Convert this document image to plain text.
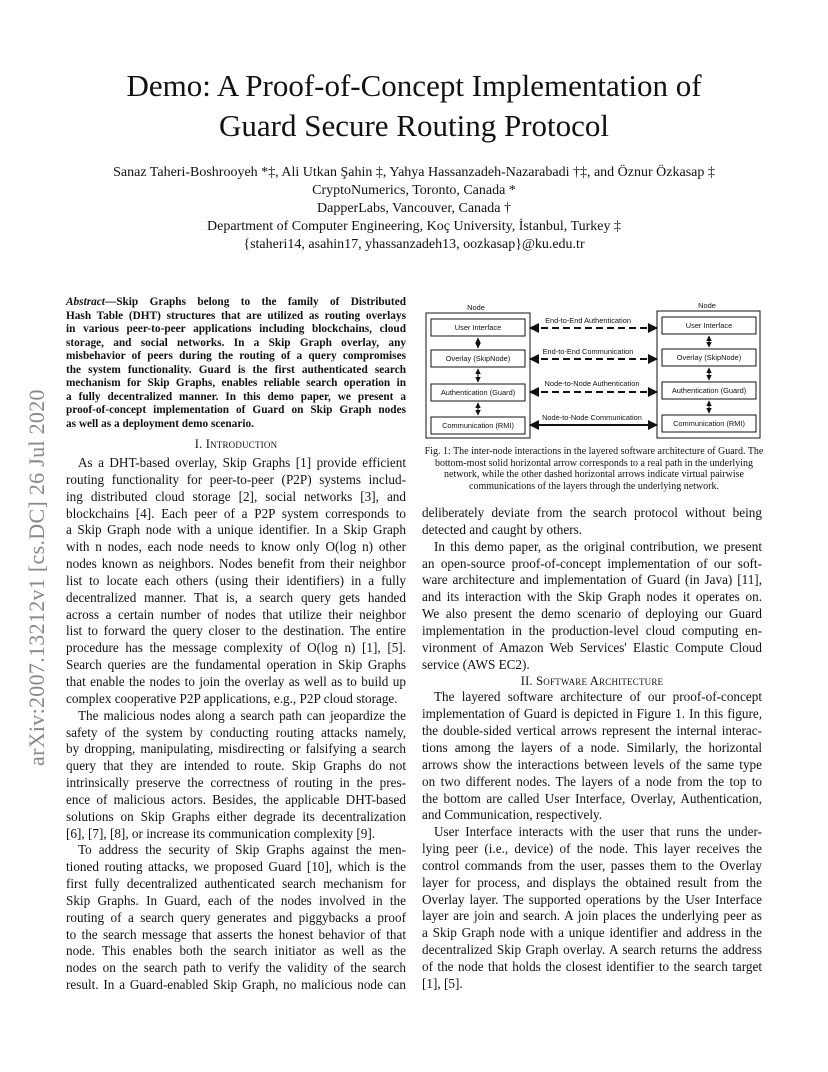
arXiv:2007.13212v1 [cs.DC] 26 Jul 2020
Demo: A Proof-of-Concept Implementation of
Guard Secure Routing Protocol
Sanaz Taheri-Boshrooyeh *‡, Ali Utkan Şahin ‡, Yahya Hassanzadeh-Nazarabadi †‡, and Öznur Özkasap ‡
CryptoNumerics, Toronto, Canada *
DapperLabs, Vancouver, Canada †
Department of Computer Engineering, Koç University, İstanbul, Turkey ‡
{staheri14, asahin17, yhassanzadeh13, oozkasap}@ku.edu.tr
Abstract—Skip Graphs belong to the family of Distributed
Hash Table (DHT) structures that are utilized as routing overlays
in various peer-to-peer applications including blockchains, cloud
storage, and social networks. In a Skip Graph overlay, any
misbehavior of peers during the routing of a query compromises
the system functionality. Guard is the first authenticated search
mechanism for Skip Graphs, enables reliable search operation in
a fully decentralized manner. In this demo paper, we present a
proof-of-concept implementation of Guard on Skip Graph nodes
as well as a deployment demo scenario.
I. Introduction

As a DHT-based overlay, Skip Graphs [1] provide efficient
routing functionality for peer-to-peer (P2P) systems includ-
ing distributed cloud storage [2], social networks [3], and
blockchains [4]. Each peer of a P2P system corresponds to
a Skip Graph node with a unique identifier. In a Skip Graph
with n nodes, each node needs to know only O(log n) other
nodes known as neighbors. Nodes benefit from their neighbor
list to locate each others (using their identifiers) in a fully
decentralized manner. That is, a search query gets handed
across a certain number of nodes that utilize their neighbor
list to forward the query closer to the destination. The entire
procedure has the message complexity of O(log n) [1], [5].
Search queries are the fundamental operation in Skip Graphs
that enable the nodes to join the overlay as well as to build up
complex cooperative P2P applications, e.g., P2P cloud storage.

The malicious nodes along a search path can jeopardize the
safety of the system by conducting routing attacks namely,
by dropping, manipulating, misdirecting or falsifying a search
query that they are intended to route. Skip Graphs do not
intrinsically preserve the correctness of routing in the pres-
ence of malicious actors. Besides, the applicable DHT-based
solutions on Skip Graphs either degrade its decentralization
[6], [7], [8], or increase its communication complexity [9].

To address the security of Skip Graphs against the men-
tioned routing attacks, we proposed Guard [10], which is the
first fully decentralized authenticated search mechanism for
Skip Graphs. In Guard, each of the nodes involved in the
routing of a search query generates and piggybacks a proof
to the search message that asserts the honest behavior of that
node. This enables both the search initiator as well as the
nodes on the search path to verify the validity of the search
result. In a Guard-enabled Skip Graph, no malicious node can

Node	Node
User Interface
Overlay (SkipNode)
Authentication (Guard)
Communication (RMI)
User Interface
Overlay (SkipNode)
Authentication (Guard)
Communication (RMI)
End-to-End Authentication
End-to-End Communication
Node-to-Node Authentication
Node-to-Node Communication
Fig. 1: The inter-node interactions in the layered software architecture of Guard. The
bottom-most solid horizontal arrow corresponds to a real path in the underlying
network, while the other dashed horizontal arrows indicate virtual pairwise
communications of the layers through the underlying network.

deliberately deviate from the search protocol without being
detected and caught by others.

In this demo paper, as the original contribution, we present
an open-source proof-of-concept implementation of our soft-
ware architecture and implementation of Guard (in Java) [11],
and its interaction with the Skip Graph nodes it operates on.
We also present the demo scenario of deploying our Guard
implementation in the production-level cloud computing en-
vironment of Amazon Web Services' Elastic Compute Cloud
service (AWS EC2).

II. Software Architecture

The layered software architecture of our proof-of-concept
implementation of Guard is depicted in Figure 1. In this figure,
the double-sided vertical arrows represent the internal interac-
tions among the layers of a node. Similarly, the horizontal
arrows show the interactions between levels of the same type
on two different nodes. The layers of a node from the top to
the bottom are called User Interface, Overlay, Authentication,
and Communication, respectively.

User Interface interacts with the user that runs the under-
lying peer (i.e., device) of the node. This layer receives the
control commands from the user, passes them to the Overlay
layer for process, and displays the obtained result from the
Overlay layer. The supported operations by the User Interface
layer are join and search. A join places the underlying peer as
a Skip Graph node with a unique identifier and address in the
decentralized Skip Graph overlay. A search returns the address
of the node that holds the closest identifier to the search target
[1], [5].
